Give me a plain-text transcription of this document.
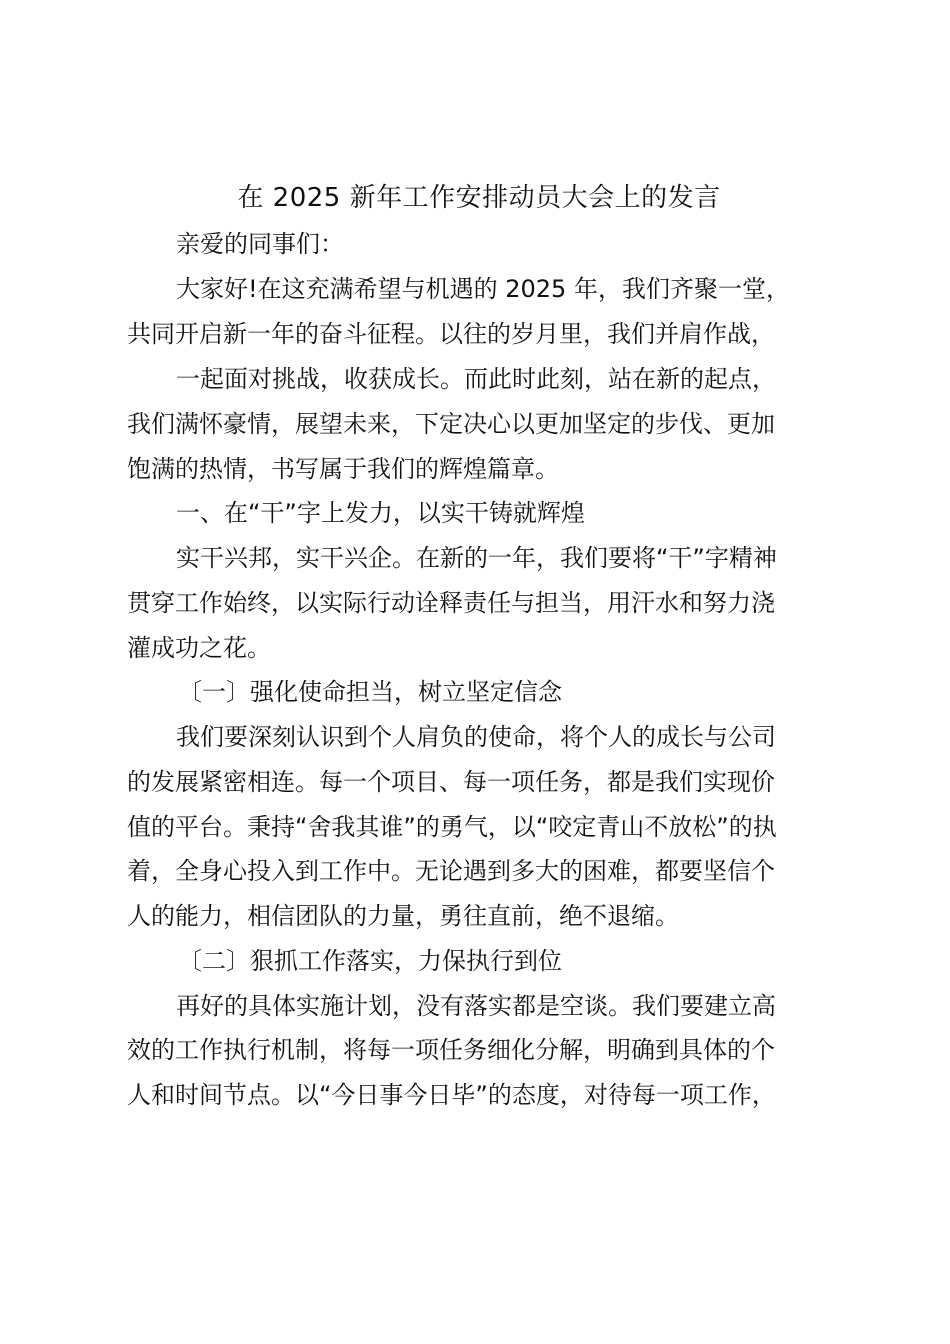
在 2025 新年工作安排动员大会上的发言
亲爱的同事们：
大家好!在这充满希望与机遇的 2025 年，我们齐聚一堂，
共同开启新一年的奋斗征程。以往的岁月里，我们并肩作战，
一起面对挑战，收获成长。而此时此刻，站在新的起点，
我们满怀豪情，展望未来，下定决心以更加坚定的步伐、更加
饱满的热情，书写属于我们的辉煌篇章。
一、在“干”字上发力，以实干铸就辉煌
实干兴邦，实干兴企。在新的一年，我们要将“干”字精神
贯穿工作始终，以实际行动诠释责任与担当，用汗水和努力浇
灌成功之花。
〔一〕强化使命担当，树立坚定信念
我们要深刻认识到个人肩负的使命，将个人的成长与公司
的发展紧密相连。每一个项目、每一项任务，都是我们实现价
值的平台。秉持“舍我其谁”的勇气，以“咬定青山不放松”的执
着，全身心投入到工作中。无论遇到多大的困难，都要坚信个
人的能力，相信团队的力量，勇往直前，绝不退缩。
〔二〕狠抓工作落实，力保执行到位
再好的具体实施计划，没有落实都是空谈。我们要建立高
效的工作执行机制，将每一项任务细化分解，明确到具体的个
人和时间节点。以“今日事今日毕”的态度，对待每一项工作，
